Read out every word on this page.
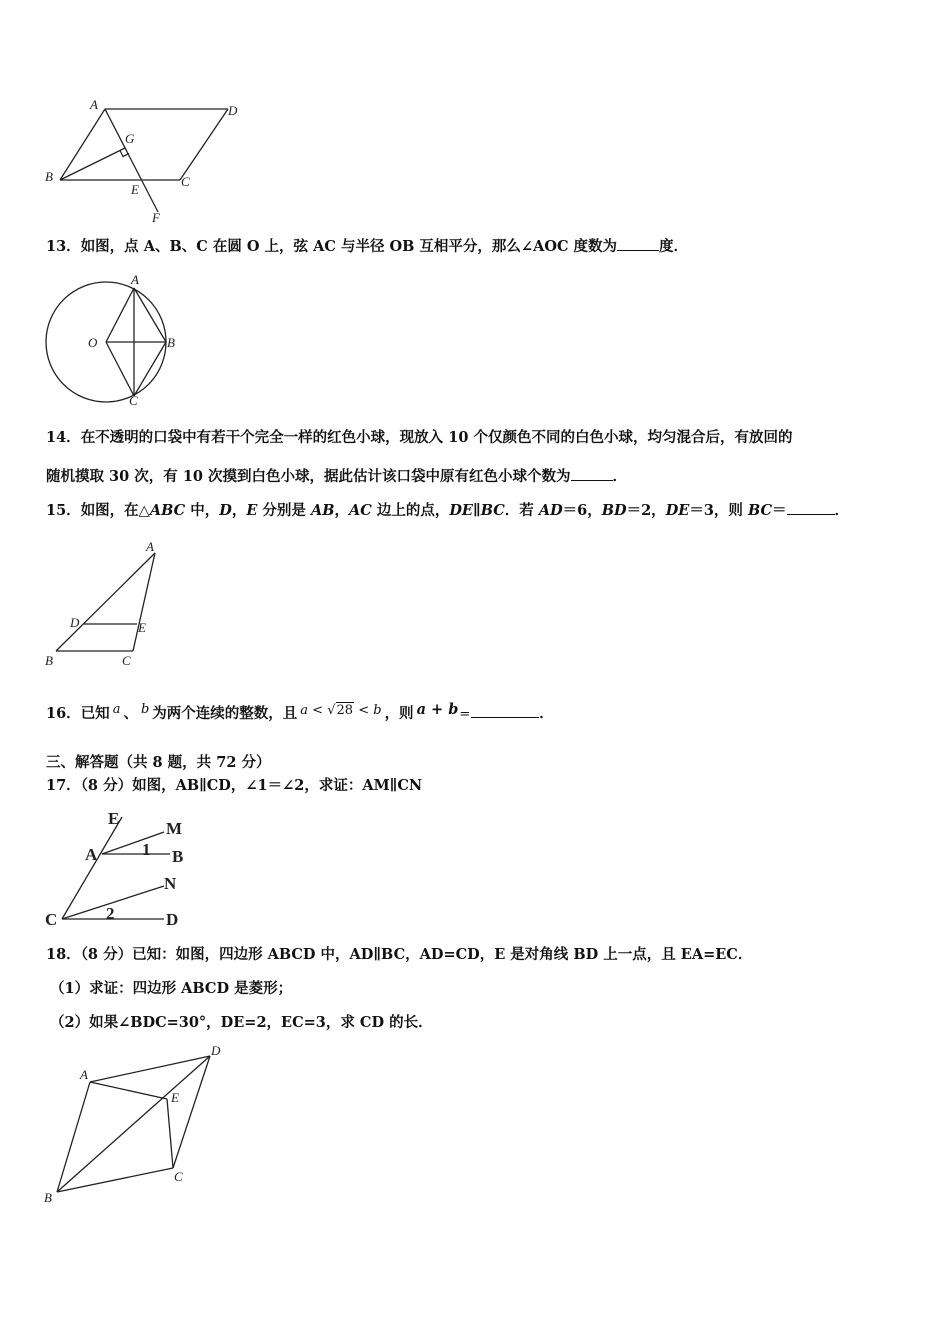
A	D
G
B
E
C
F
13．如图，点 A、B、C 在圆 O 上，弦 AC 与半径 OB 互相平分，那么∠AOC 度数为	度．
A
O	B
C
14．在不透明的口袋中有若干个完全一样的红色小球，现放入 10 个仅颜色不同的白色小球，均匀混合后，有放回的
随机摸取 30 次，有 10 次摸到白色小球，据此估计该口袋中原有红色小球个数为	．
15．如图，在△ABC 中，D，E 分别是 AB，AC 边上的点，DE∥BC．若 AD＝6，BD＝2，DE＝3，则 BC＝	．
A
D	E
B	C
16．已知 a 、 b 为两个连续的整数，且 a < √28 < b ，则 a + b=	．
三、解答题（共 8 题，共 72 分）
17．（8 分）如图，AB∥CD，∠1＝∠2，求证：AM∥CN
E
M
A	1 B
N
C	2	D
18．（8 分）已知：如图，四边形 ABCD 中，AD∥BC，AD=CD，E 是对角线 BD 上一点，且 EA=EC．
（1）求证：四边形 ABCD 是菱形；
（2）如果∠BDC=30°，DE=2，EC=3，求 CD 的长．
A
D
E
C
B
